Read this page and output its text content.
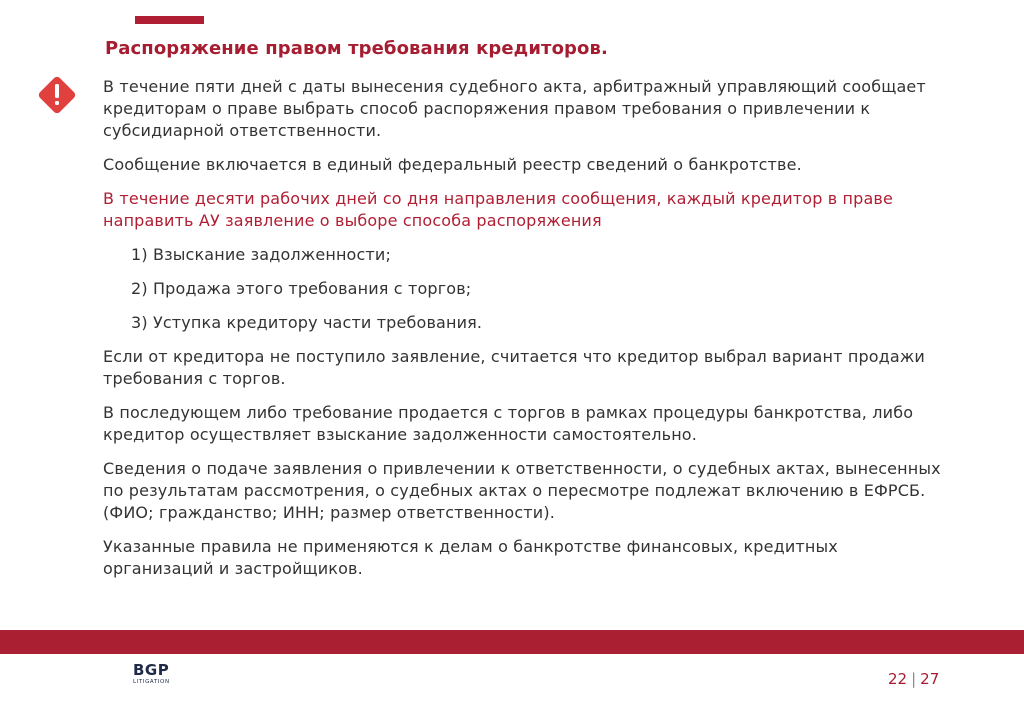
Распоряжение правом требования кредиторов.

В течение пяти дней с даты вынесения судебного акта, арбитражный управляющий сообщает кредиторам о праве выбрать способ распоряжения правом требования о привлечении к субсидиарной ответственности.

Сообщение включается в единый федеральный реестр сведений о банкротстве.

В течение десяти рабочих дней со дня направления сообщения, каждый кредитор в праве направить АУ заявление о выборе способа распоряжения

1) Взыскание задолженности;
2) Продажа этого требования с торгов;
3) Уступка кредитору части требования.

Если от кредитора не поступило заявление, считается что кредитор выбрал вариант продажи требования с торгов.

В последующем либо требование продается с торгов в рамках процедуры банкротства, либо кредитор осуществляет взыскание задолженности самостоятельно.

Сведения о подаче заявления о привлечении к ответственности, о судебных актах, вынесенных по результатам рассмотрения, о судебных актах о пересмотре подлежат включению в ЕФРСБ. (ФИО; гражданство; ИНН; размер ответственности).

Указанные правила не применяются к делам о банкротстве финансовых, кредитных организаций и застройщиков.

BGP
LITIGATION	22 | 27
